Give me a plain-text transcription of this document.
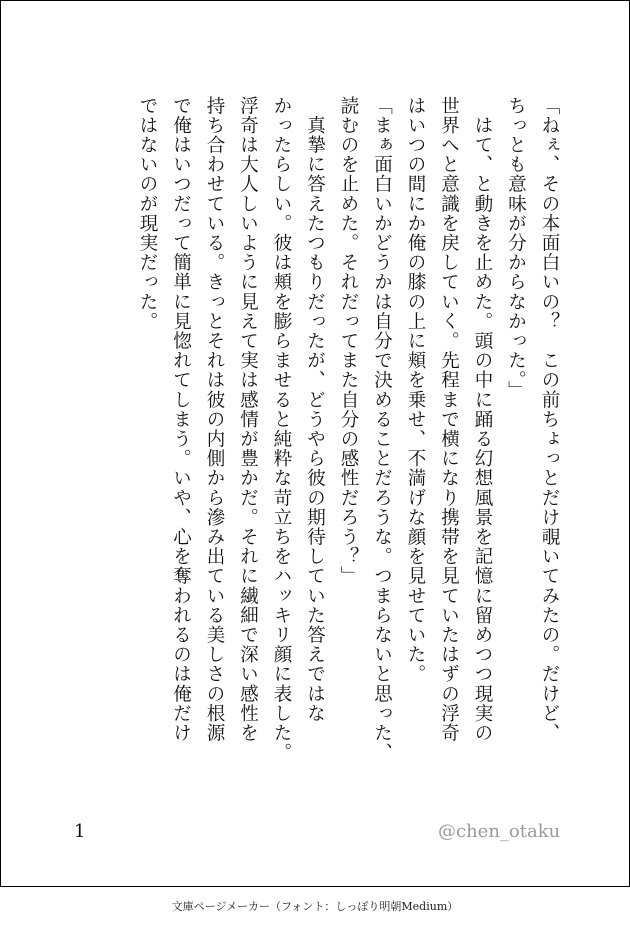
「ねぇ、その本面白いの？　この前ちょっとだけ覗いてみたの。だけど、

ちっとも意味が分からなかった。」

　はて、と動きを止めた。頭の中に踊る幻想風景を記憶に留めつつ現実の

世界へと意識を戻していく。先程まで横になり携帯を見ていたはずの浮奇

はいつの間にか俺の膝の上に頬を乗せ、不満げな顔を見せていた。

「まぁ面白いかどうかは自分で決めることだろうな。つまらないと思った、

読むのを止めた。それだってまた自分の感性だろう？」

　真摯に答えたつもりだったが、どうやら彼の期待していた答えではな

かったらしい。彼は頬を膨らませると純粋な苛立ちをハッキリ顔に表した。

浮奇は大人しいように見えて実は感情が豊かだ。それに繊細で深い感性を

持ち合わせている。きっとそれは彼の内側から滲み出ている美しさの根源

で俺はいつだって簡単に見惚れてしまう。いや、心を奪われるのは俺だけ

ではないのが現実だった。

1	@chen_otaku
文庫ページメーカー（フォント：しっぽり明朝Medium）
